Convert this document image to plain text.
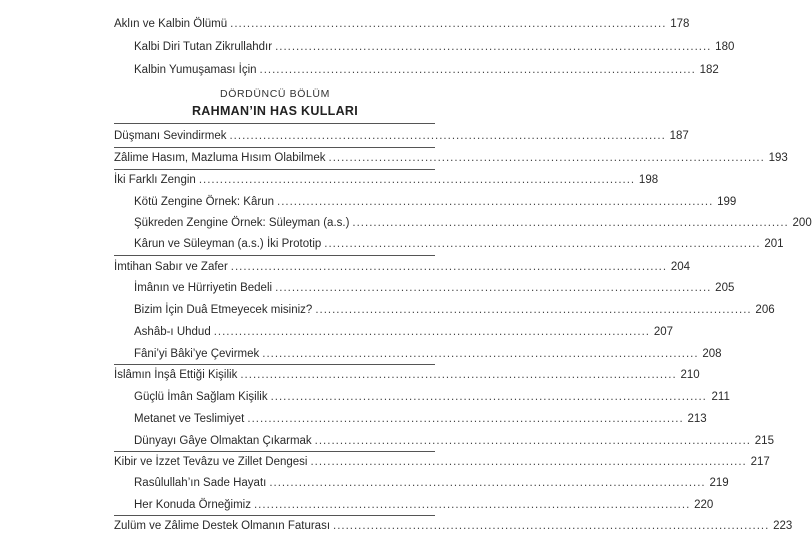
Aklın ve Kalbin Ölümü ........................................................................................................ 178
Kalbi Diri Tutan Zikrullahdır ........................................................................................................ 180
Kalbin Yumuşaması İçin ........................................................................................................ 182
DÖRDÜNCÜ BÖLÜM
RAHMAN’IN HAS KULLARI
Düşmanı Sevindirmek ........................................................................................................ 187
Zâlime Hasım, Mazluma Hısım Olabilmek ........................................................................................................ 193
İki Farklı Zengin ........................................................................................................ 198
Kötü Zengine Örnek: Kârun ........................................................................................................ 199
Şükreden Zengine Örnek: Süleyman (a.s.) ........................................................................................................ 200
Kârun ve Süleyman (a.s.) İki Prototip ........................................................................................................ 201
İmtihan Sabır ve Zafer ........................................................................................................ 204
İmânın ve Hürriyetin Bedeli ........................................................................................................ 205
Bizim İçin Duâ Etmeyecek misiniz? ........................................................................................................ 206
Ashâb-ı Uhdud ........................................................................................................ 207
Fâni’yi Bâki’ye Çevirmek ........................................................................................................ 208
İslâmın İnşâ Ettiği Kişilik ........................................................................................................ 210
Güçlü İmân Sağlam Kişilik ........................................................................................................ 211
Metanet ve Teslimiyet ........................................................................................................ 213
Dünyayı Gâye Olmaktan Çıkarmak ........................................................................................................ 215
Kibir ve İzzet Tevâzu ve Zillet Dengesi ........................................................................................................ 217
Rasûlullah’ın Sade Hayatı ........................................................................................................ 219
Her Konuda Örneğimiz ........................................................................................................ 220
Zulüm ve Zâlime Destek Olmanın Faturası ........................................................................................................ 223
